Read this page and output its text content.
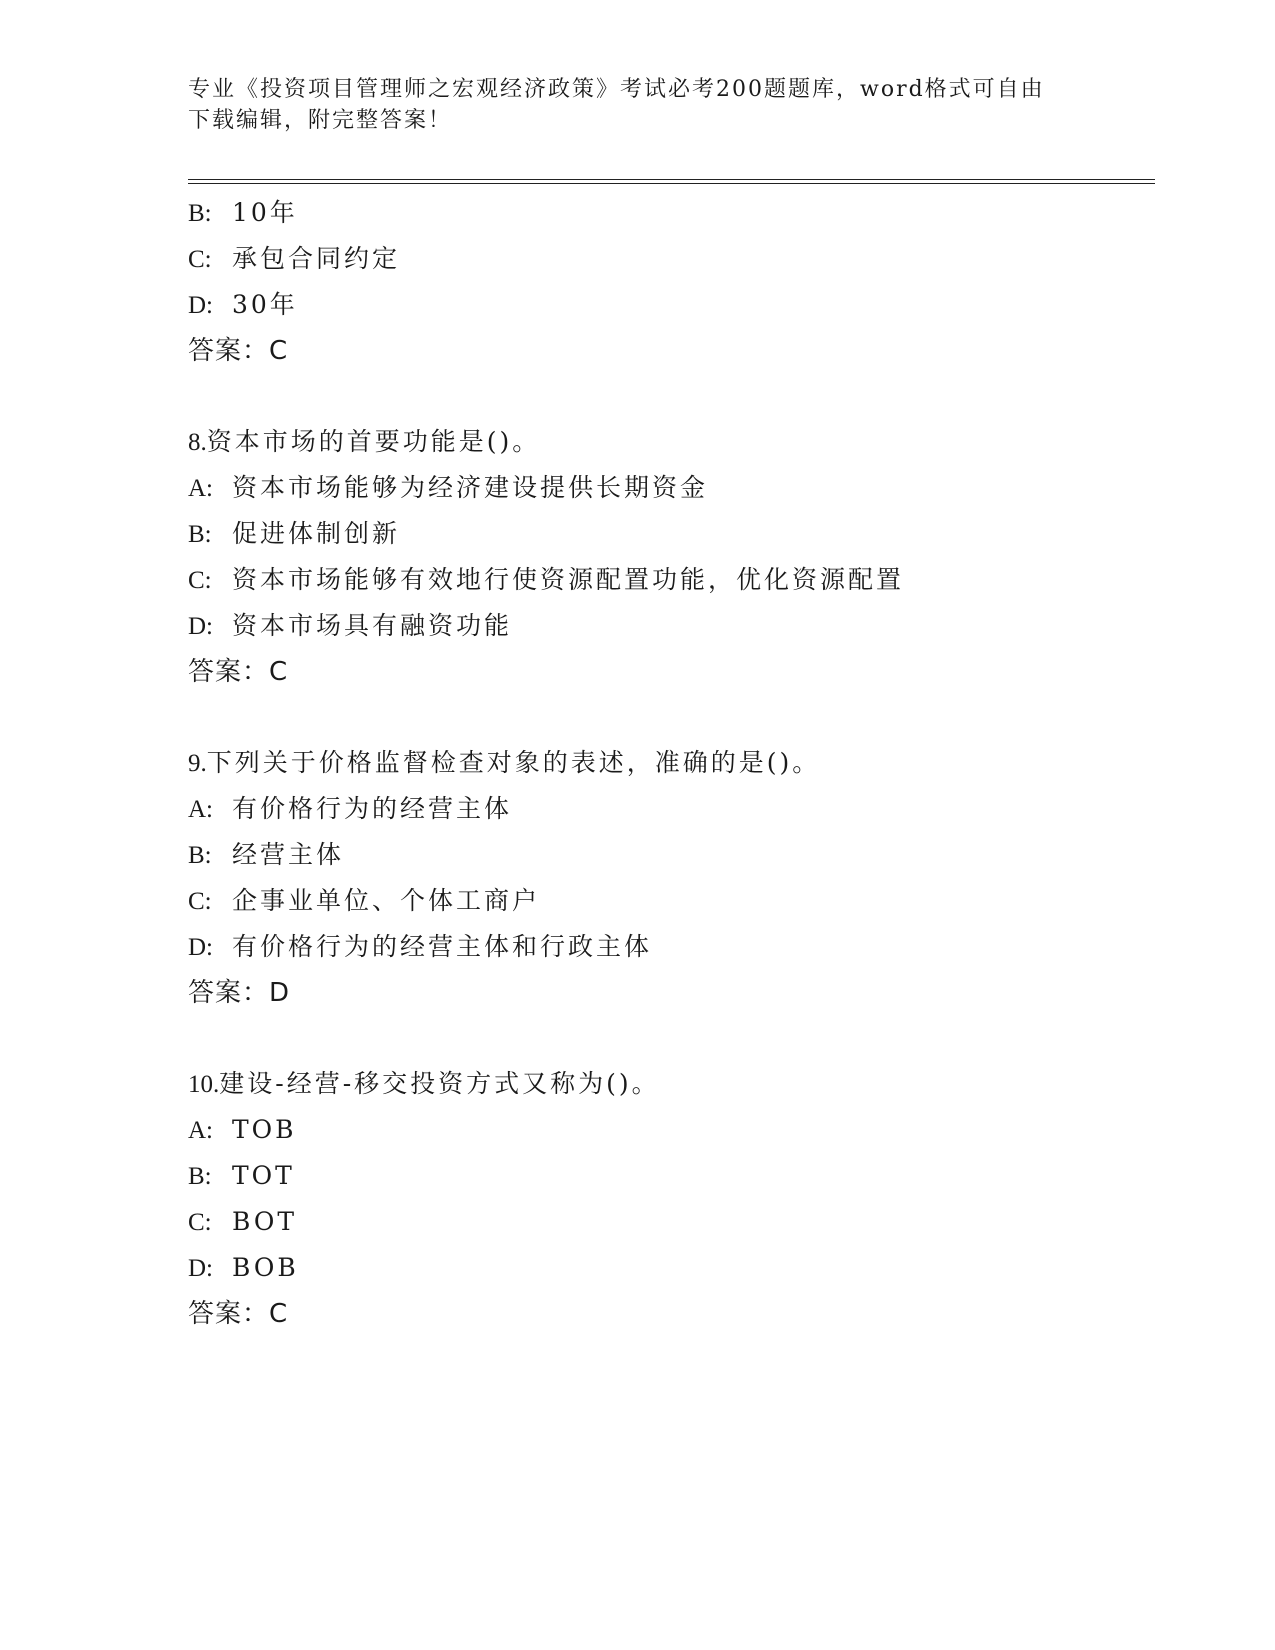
专业《投资项目管理师之宏观经济政策》考试必考200题题库，word格式可自由
下载编辑，附完整答案！
B: 10年
C: 承包合同约定
D: 30年
答案：C
8.资本市场的首要功能是()。
A: 资本市场能够为经济建设提供长期资金
B: 促进体制创新
C: 资本市场能够有效地行使资源配置功能，优化资源配置
D: 资本市场具有融资功能
答案：C
9.下列关于价格监督检查对象的表述，准确的是()。
A: 有价格行为的经营主体
B: 经营主体
C: 企事业单位、个体工商户
D: 有价格行为的经营主体和行政主体
答案：D
10.建设-经营-移交投资方式又称为()。
A: TOB
B: TOT
C: BOT
D: BOB
答案：C
